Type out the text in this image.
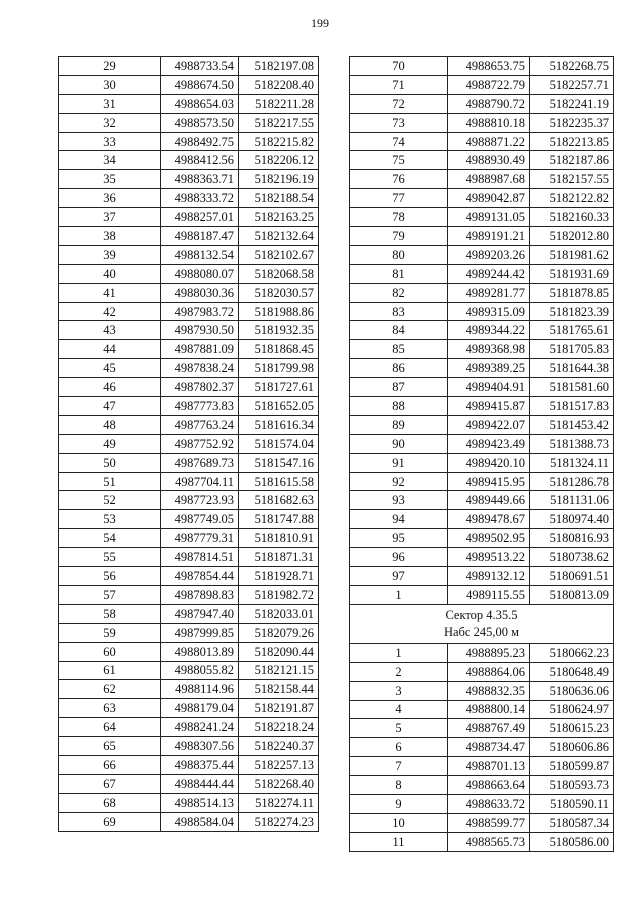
199
29	4988733.54	5182197.08
30	4988674.50	5182208.40
31	4988654.03	5182211.28
32	4988573.50	5182217.55
33	4988492.75	5182215.82
34	4988412.56	5182206.12
35	4988363.71	5182196.19
36	4988333.72	5182188.54
37	4988257.01	5182163.25
38	4988187.47	5182132.64
39	4988132.54	5182102.67
40	4988080.07	5182068.58
41	4988030.36	5182030.57
42	4987983.72	5181988.86
43	4987930.50	5181932.35
44	4987881.09	5181868.45
45	4987838.24	5181799.98
46	4987802.37	5181727.61
47	4987773.83	5181652.05
48	4987763.24	5181616.34
49	4987752.92	5181574.04
50	4987689.73	5181547.16
51	4987704.11	5181615.58
52	4987723.93	5181682.63
53	4987749.05	5181747.88
54	4987779.31	5181810.91
55	4987814.51	5181871.31
56	4987854.44	5181928.71
57	4987898.83	5181982.72
58	4987947.40	5182033.01
59	4987999.85	5182079.26
60	4988013.89	5182090.44
61	4988055.82	5182121.15
62	4988114.96	5182158.44
63	4988179.04	5182191.87
64	4988241.24	5182218.24
65	4988307.56	5182240.37
66	4988375.44	5182257.13
67	4988444.44	5182268.40
68	4988514.13	5182274.11
69	4988584.04	5182274.23
70	4988653.75	5182268.75
71	4988722.79	5182257.71
72	4988790.72	5182241.19
73	4988810.18	5182235.37
74	4988871.22	5182213.85
75	4988930.49	5182187.86
76	4988987.68	5182157.55
77	4989042.87	5182122.82
78	4989131.05	5182160.33
79	4989191.21	5182012.80
80	4989203.26	5181981.62
81	4989244.42	5181931.69
82	4989281.77	5181878.85
83	4989315.09	5181823.39
84	4989344.22	5181765.61
85	4989368.98	5181705.83
86	4989389.25	5181644.38
87	4989404.91	5181581.60
88	4989415.87	5181517.83
89	4989422.07	5181453.42
90	4989423.49	5181388.73
91	4989420.10	5181324.11
92	4989415.95	5181286.78
93	4989449.66	5181131.06
94	4989478.67	5180974.40
95	4989502.95	5180816.93
96	4989513.22	5180738.62
97	4989132.12	5180691.51
1	4989115.55	5180813.09

Сектор 4.35.5
Набс 245,00 м		

1	4988895.23	5180662.23
2	4988864.06	5180648.49
3	4988832.35	5180636.06
4	4988800.14	5180624.97
5	4988767.49	5180615.23
6	4988734.47	5180606.86
7	4988701.13	5180599.87
8	4988663.64	5180593.73
9	4988633.72	5180590.11
10	4988599.77	5180587.34
11	4988565.73	5180586.00
